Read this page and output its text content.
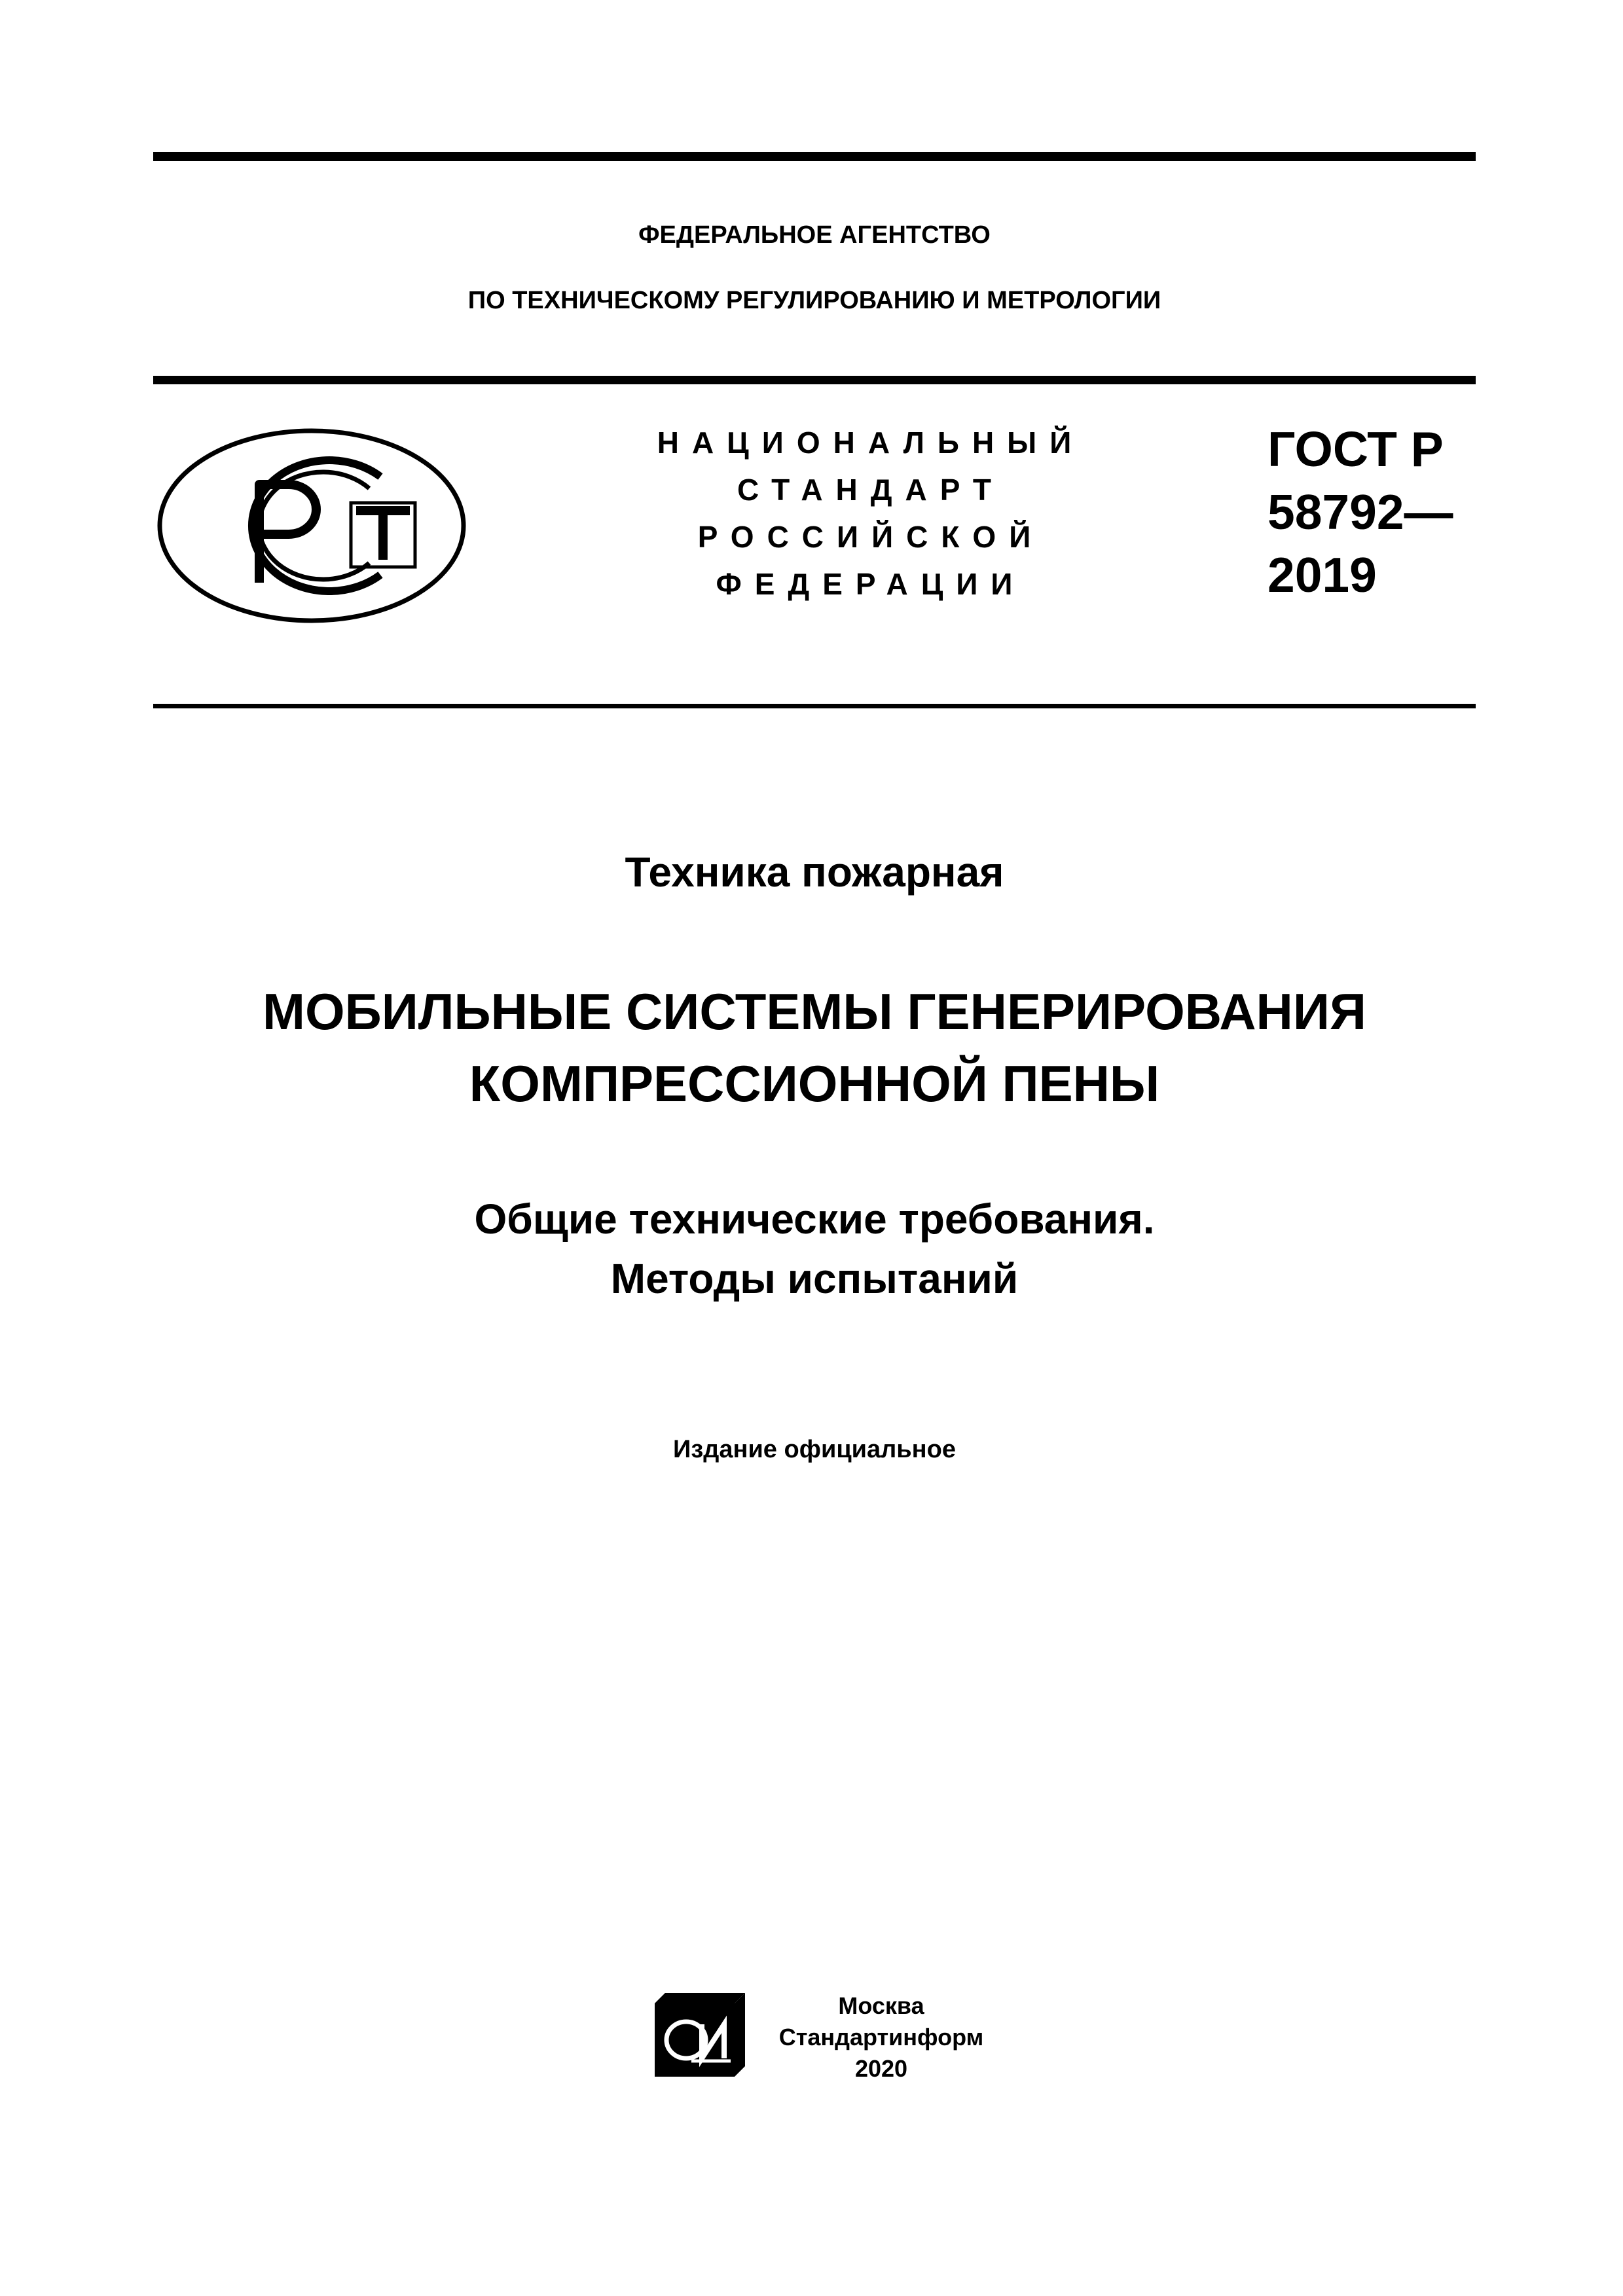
ФЕДЕРАЛЬНОЕ АГЕНТСТВО
ПО ТЕХНИЧЕСКОМУ РЕГУЛИРОВАНИЮ И МЕТРОЛОГИИ
НАЦИОНАЛЬНЫЙ
СТАНДАРТ
РОССИЙСКОЙ
ФЕДЕРАЦИИ
ГОСТ Р
58792—
2019
Техника пожарная
МОБИЛЬНЫЕ СИСТЕМЫ ГЕНЕРИРОВАНИЯ
КОМПРЕССИОННОЙ ПЕНЫ
Общие технические требования.
Методы испытаний
Издание официальное
Москва
Стандартинформ
2020
